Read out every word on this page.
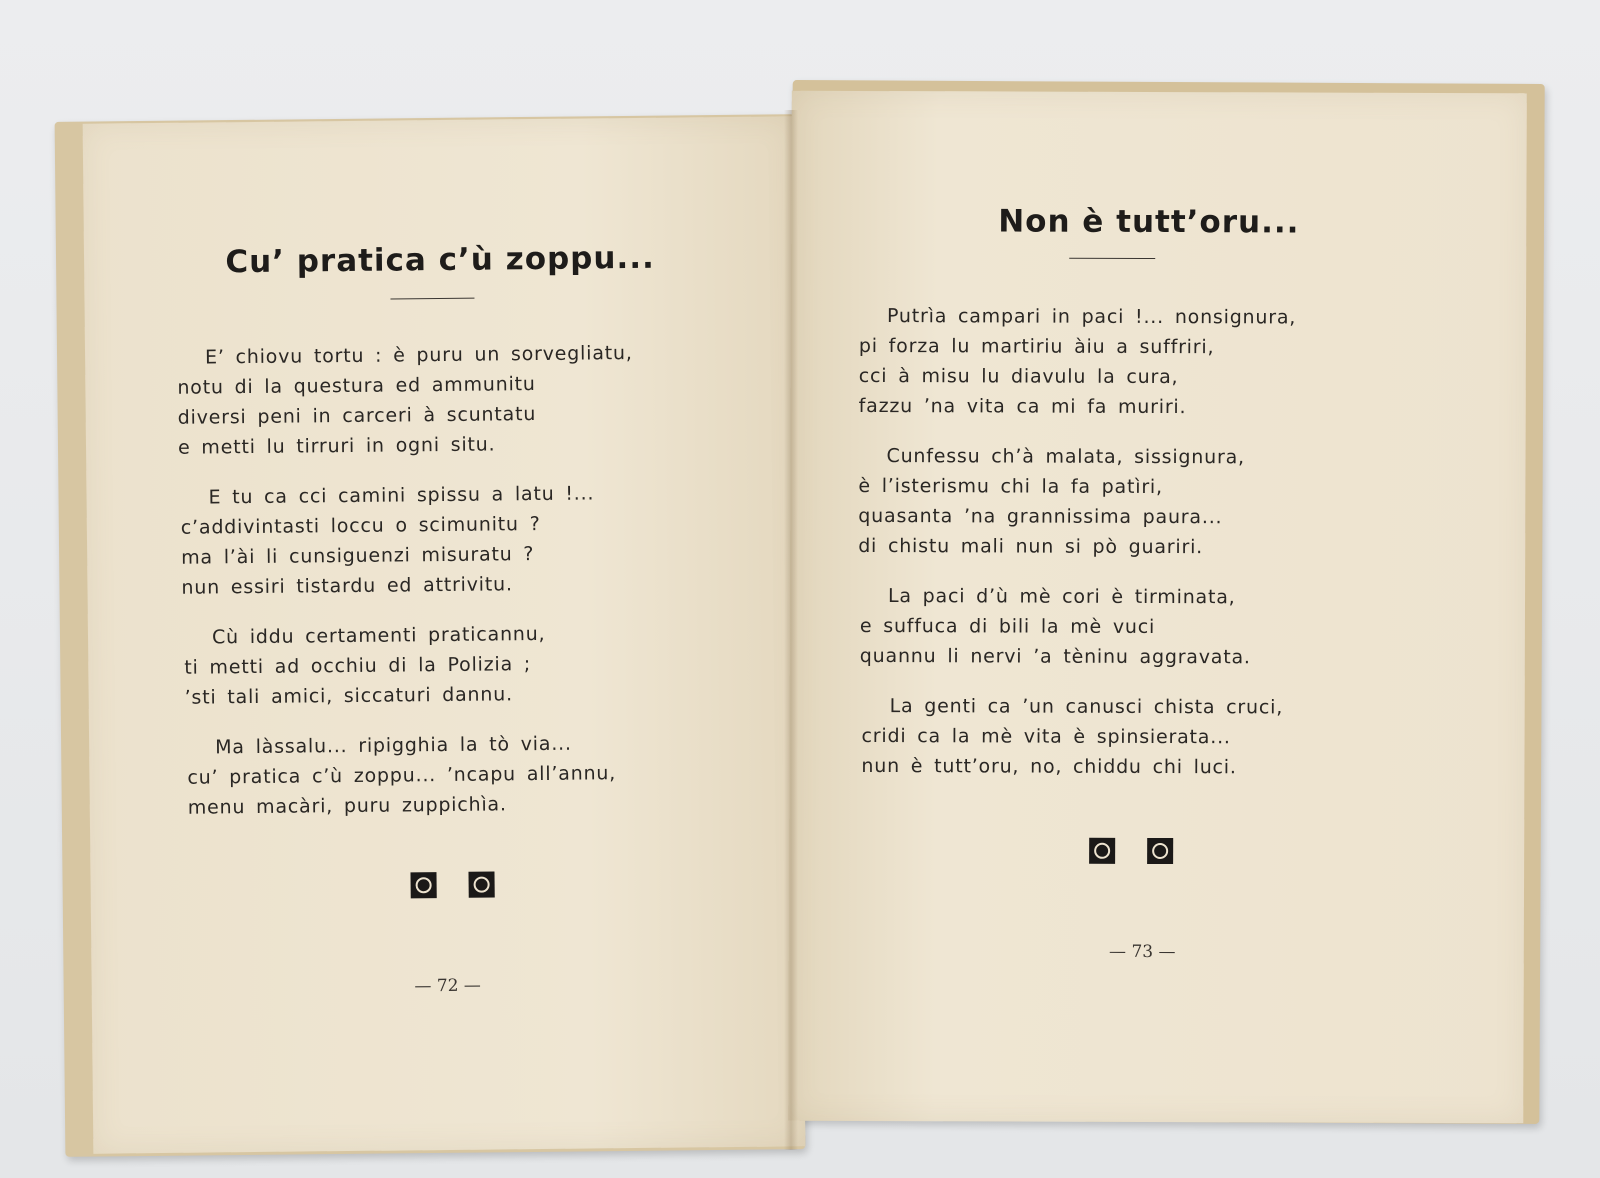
Cu’ pratica c’ù zoppu...
E’ chiovu tortu : è puru un sorvegliatu,
notu di la questura ed ammunitu
diversi peni in carceri à scuntatu
e metti lu tirruri in ogni situ.
E tu ca cci camini spissu a latu !...
c’addivintasti loccu o scimunitu ?
ma l’ài li cunsiguenzi misuratu ?
nun essiri tistardu ed attrivitu.
Cù iddu certamenti praticannu,
ti metti ad occhiu di la Polizia ;
’sti tali amici, siccaturi dannu.
Ma làssalu... ripigghia la tò via...
cu’ pratica c’ù zoppu... ’ncapu all’annu,
menu macàri, puru zuppichìa.
— 72 —
Non è tutt’oru...
Putrìa campari in paci !... nonsignura,
pi forza lu martiriu àiu a suffriri,
cci à misu lu diavulu la cura,
fazzu ’na vita ca mi fa muriri.
Cunfessu ch’à malata, sissignura,
è l’isterismu chi la fa patìri,
quasanta ’na grannissima paura...
di chistu mali nun si pò guariri.
La paci d’ù mè cori è tirminata,
e suffuca di bili la mè vuci
quannu li nervi ’a tèninu aggravata.
La genti ca ’un canusci chista cruci,
cridi ca la mè vita è spinsierata...
nun è tutt’oru, no, chiddu chi luci.
— 73 —
